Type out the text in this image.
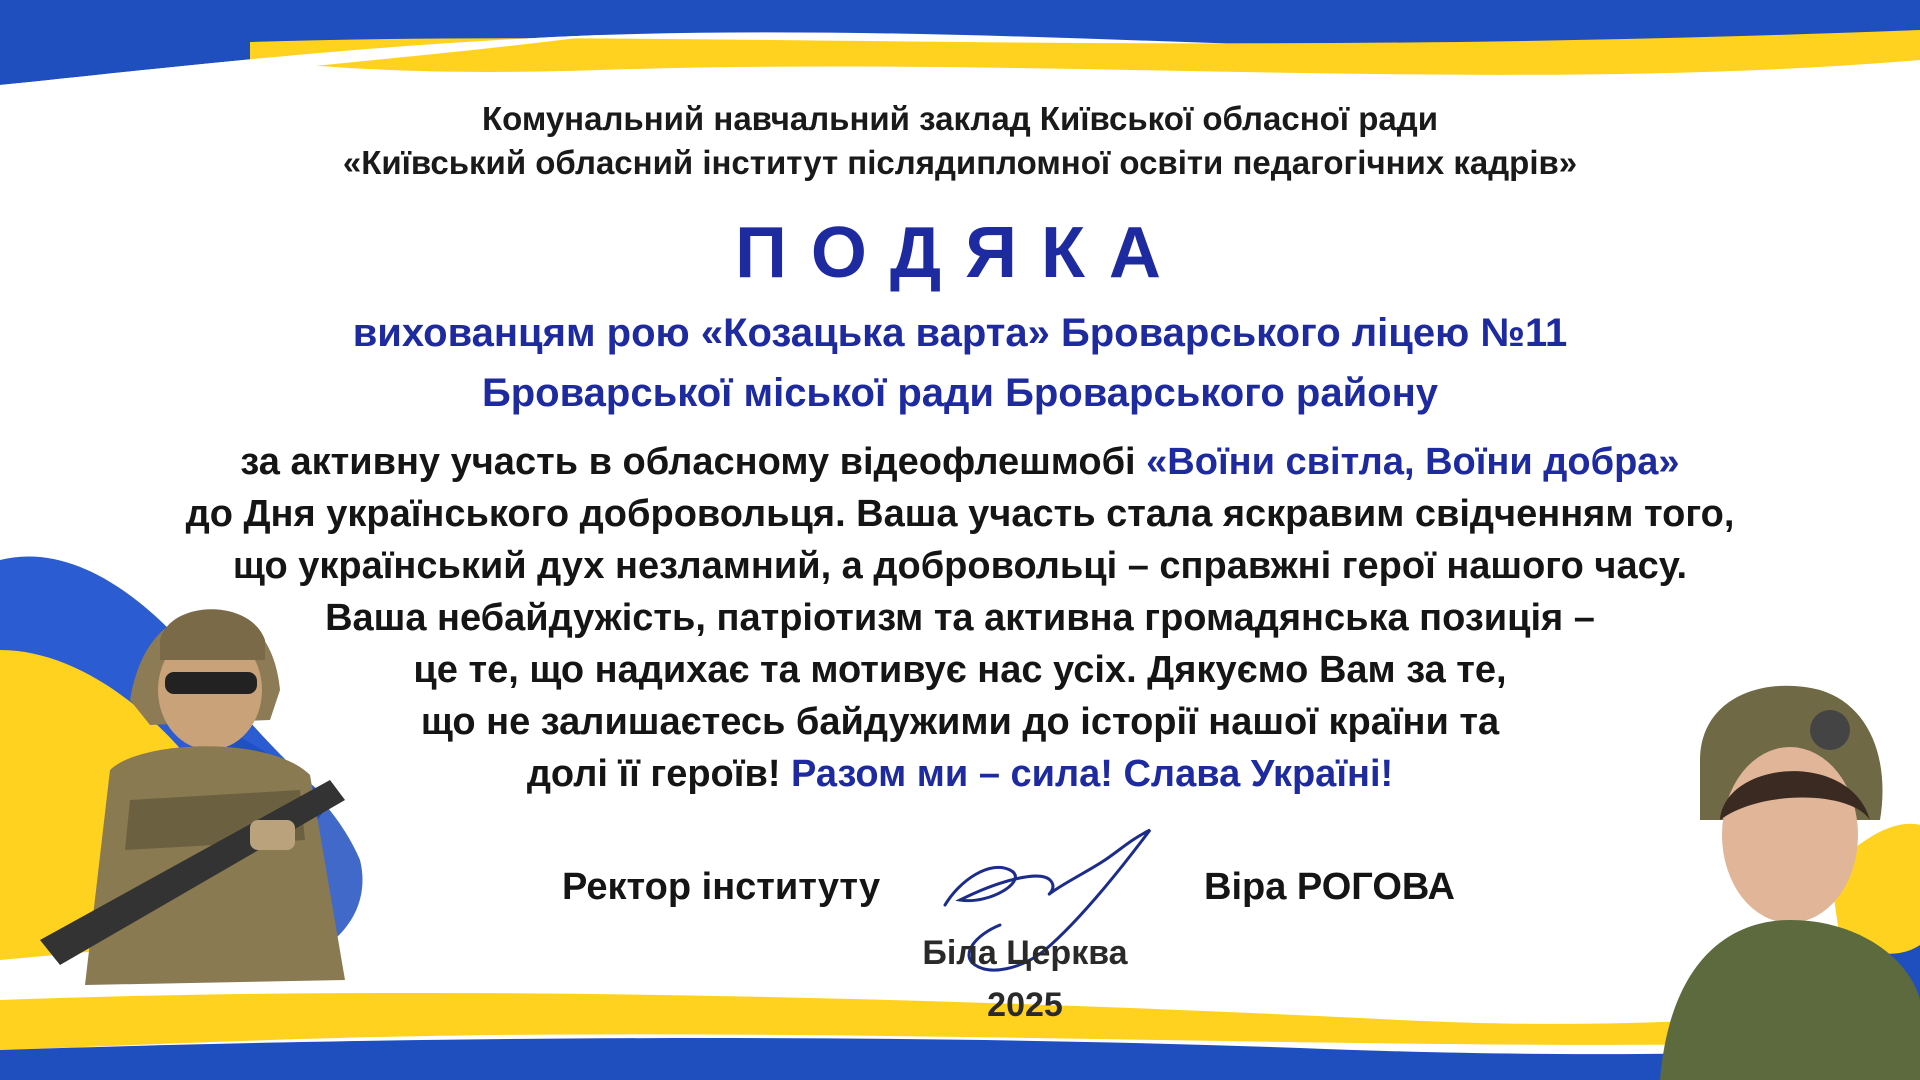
Комунальний навчальний заклад Київської обласної ради
«Київський обласний інститут післядипломної освіти педагогічних кадрів»
ПОДЯКА
вихованцям рою «Козацька варта» Броварського ліцею №11
Броварської міської ради Броварського району
за активну участь в обласному відеофлешмобі «Воїни світла, Воїни добра»
до Дня українського добровольця. Ваша участь стала яскравим свідченням того,
що український дух незламний, а добровольці – справжні герої нашого часу.
Ваша небайдужість, патріотизм та активна громадянська позиція –
це те, що надихає та мотивує нас усіх. Дякуємо Вам за те,
що не залишаєтесь байдужими до історії нашої країни та
долі її героїв! Разом ми – сила! Слава Україні!
Ректор інституту	Віра РОГОВА
Біла Церква
2025
